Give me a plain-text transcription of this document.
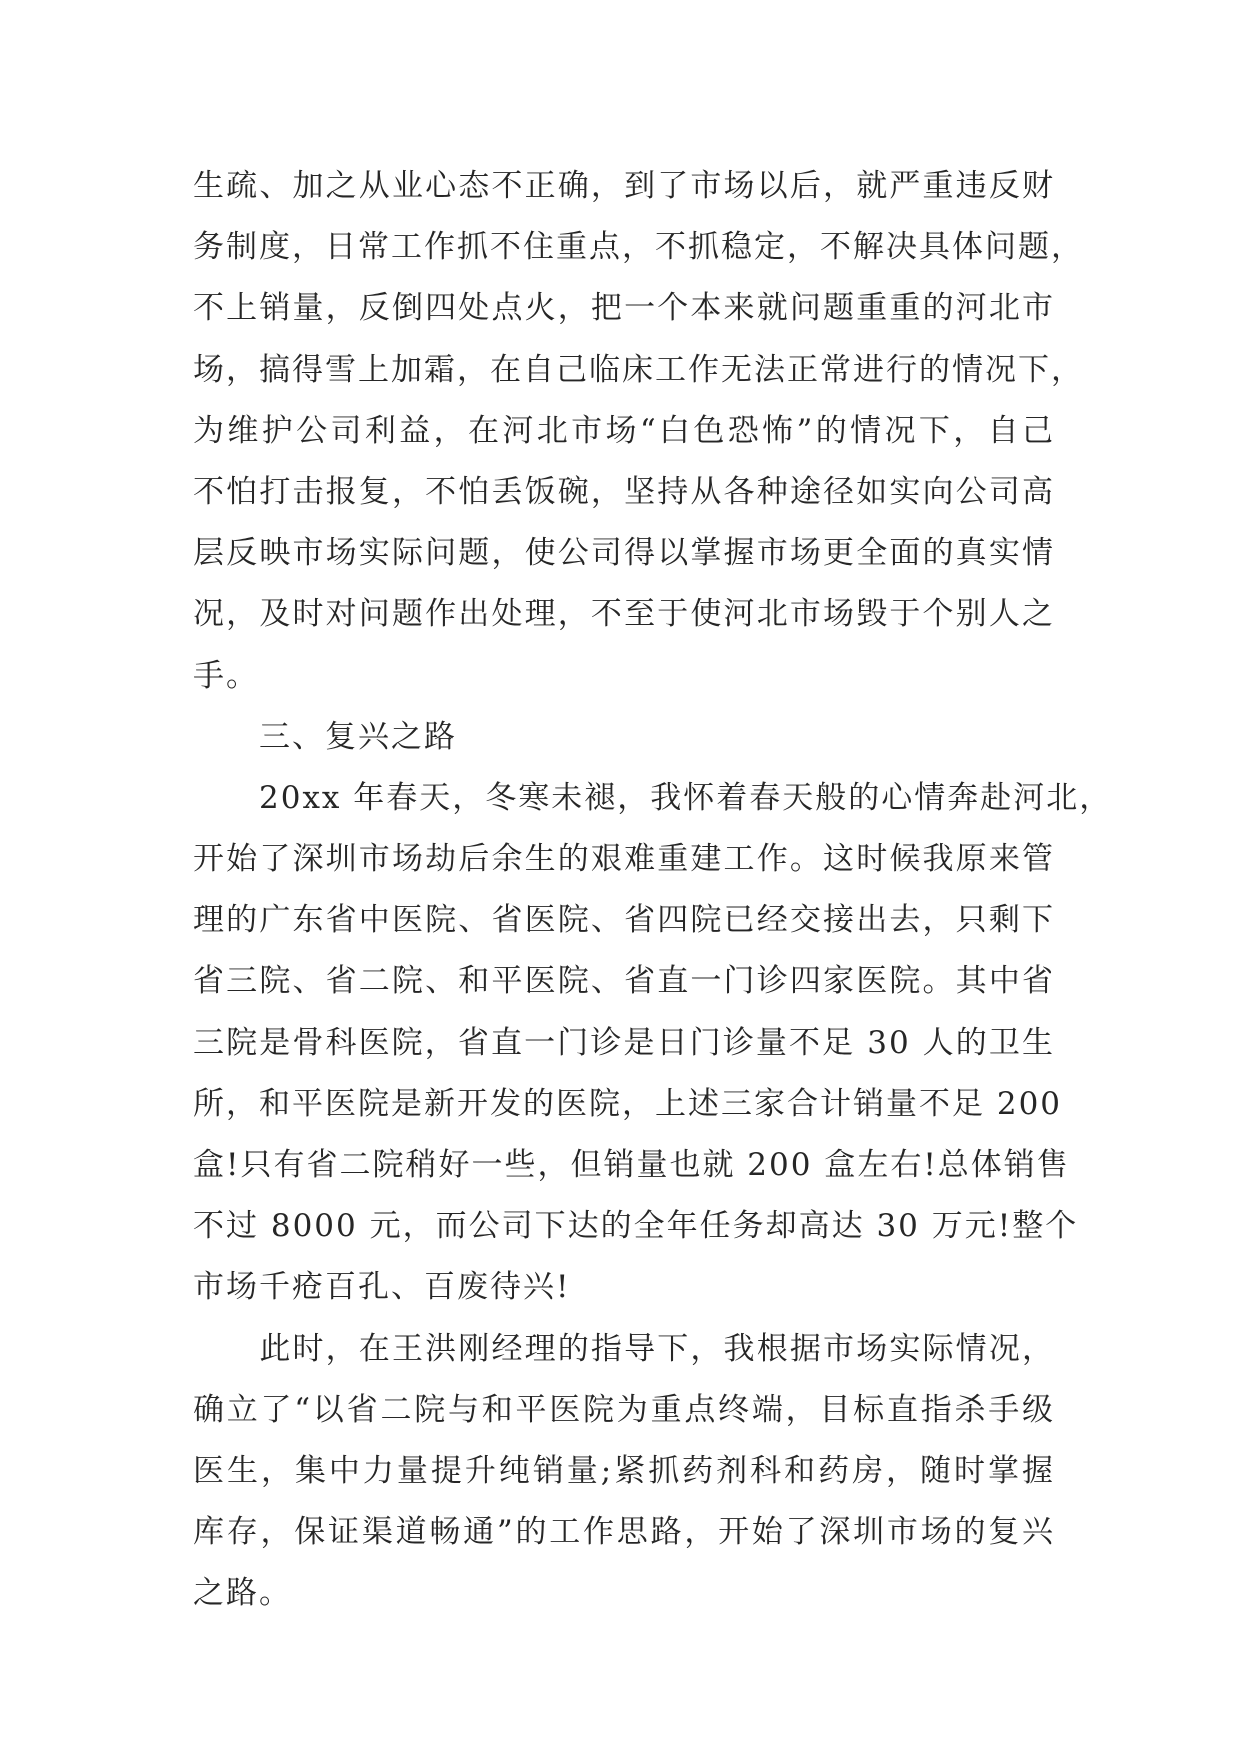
生疏、加之从业心态不正确，到了市场以后，就严重违反财
务制度，日常工作抓不住重点，不抓稳定，不解决具体问题，
不上销量，反倒四处点火，把一个本来就问题重重的河北市
场，搞得雪上加霜，在自己临床工作无法正常进行的情况下，
为维护公司利益，在河北市场“白色恐怖”的情况下，自己
不怕打击报复，不怕丢饭碗，坚持从各种途径如实向公司高
层反映市场实际问题，使公司得以掌握市场更全面的真实情
况，及时对问题作出处理，不至于使河北市场毁于个别人之
手。
　　三、复兴之路
　　20xx 年春天，冬寒未褪，我怀着春天般的心情奔赴河北，
开始了深圳市场劫后余生的艰难重建工作。这时候我原来管
理的广东省中医院、省医院、省四院已经交接出去，只剩下
省三院、省二院、和平医院、省直一门诊四家医院。其中省
三院是骨科医院，省直一门诊是日门诊量不足 30 人的卫生
所，和平医院是新开发的医院，上述三家合计销量不足 200
盒!只有省二院稍好一些，但销量也就 200 盒左右!总体销售
不过 8000 元，而公司下达的全年任务却高达 30 万元!整个
市场千疮百孔、百废待兴!
　　此时，在王洪刚经理的指导下，我根据市场实际情况，
确立了“以省二院与和平医院为重点终端，目标直指杀手级
医生，集中力量提升纯销量;紧抓药剂科和药房，随时掌握
库存，保证渠道畅通”的工作思路，开始了深圳市场的复兴
之路。
